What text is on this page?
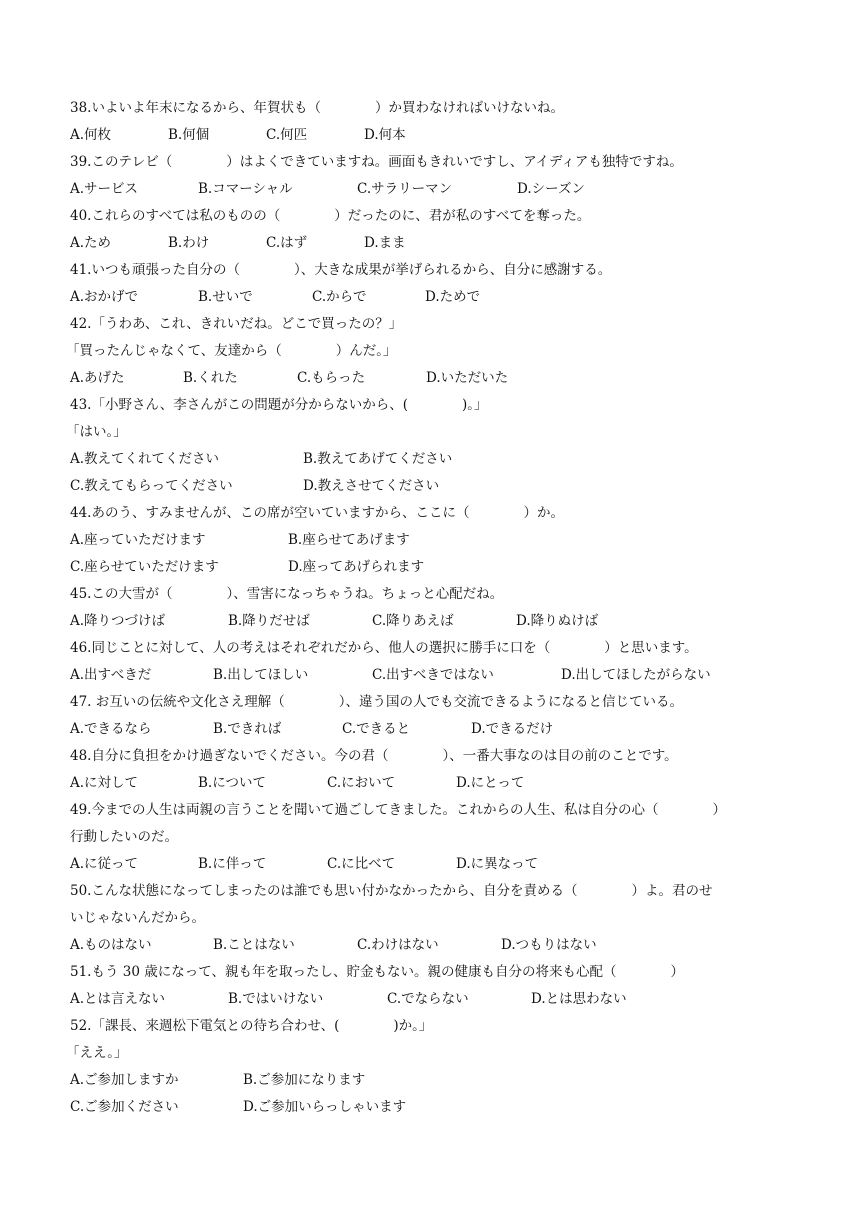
38.いよいよ年末になるから、年賀状も（　　　　）か買わなければいけないね。
A.何枚	B.何個	C.何匹	D.何本
39.このテレビ（　　　　）はよくできていますね。画面もきれいですし、アイディアも独特ですね。
A.サービス	B.コマーシャル	C.サラリーマン	D.シーズン
40.これらのすべては私のものの（　　　　）だったのに、君が私のすべてを奪った。
A.ため	B.わけ	C.はず	D.まま
41.いつも頑張った自分の（　　　　）、大きな成果が挙げられるから、自分に感謝する。
A.おかげで	B.せいで	C.からで	D.ためで
42.「うわあ、これ、きれいだね。どこで買ったの？」
「買ったんじゃなくて、友達から（　　　　）んだ。」
A.あげた	B.くれた	C.もらった	D.いただいた
43.「小野さん、李さんがこの問題が分からないから、(　　　　)。」
「はい。」
A.教えてくれてください	B.教えてあげてください
C.教えてもらってください	D.教えさせてください
44.あのう、すみませんが、この席が空いていますから、ここに（　　　　）か。
A.座っていただけます	B.座らせてあげます
C.座らせていただけます	D.座ってあげられます
45.この大雪が（　　　　）、雪害になっちゃうね。ちょっと心配だね。
A.降りつづけば	B.降りだせば	C.降りあえば	D.降りぬけば
46.同じことに対して、人の考えはそれぞれだから、他人の選択に勝手に口を（　　　　）と思います。
A.出すべきだ	B.出してほしい	C.出すべきではない	D.出してほしたがらない
47. お互いの伝統や文化さえ理解（　　　　）、違う国の人でも交流できるようになると信じている。
A.できるなら	B.できれば	C.できると	D.できるだけ
48.自分に負担をかけ過ぎないでください。今の君（　　　　）、一番大事なのは目の前のことです。
A.に対して	B.について	C.において	D.にとって
49.今までの人生は両親の言うことを聞いて過ごしてきました。これからの人生、私は自分の心（　　　　）
行動したいのだ。
A.に従って	B.に伴って	C.に比べて	D.に異なって
50.こんな状態になってしまったのは誰でも思い付かなかったから、自分を責める（　　　　）よ。君のせ
いじゃないんだから。
A.ものはない	B.ことはない	C.わけはない	D.つもりはない
51.もう 30 歳になって、親も年を取ったし、貯金もない。親の健康も自分の将来も心配（　　　　）
A.とは言えない	B.ではいけない	C.でならない	D.とは思わない
52.「課長、来週松下電気との待ち合わせ、(　　　　)か。」
「ええ。」
A.ご参加しますか	B.ご参加になります
C.ご参加ください	D.ご参加いらっしゃいます
